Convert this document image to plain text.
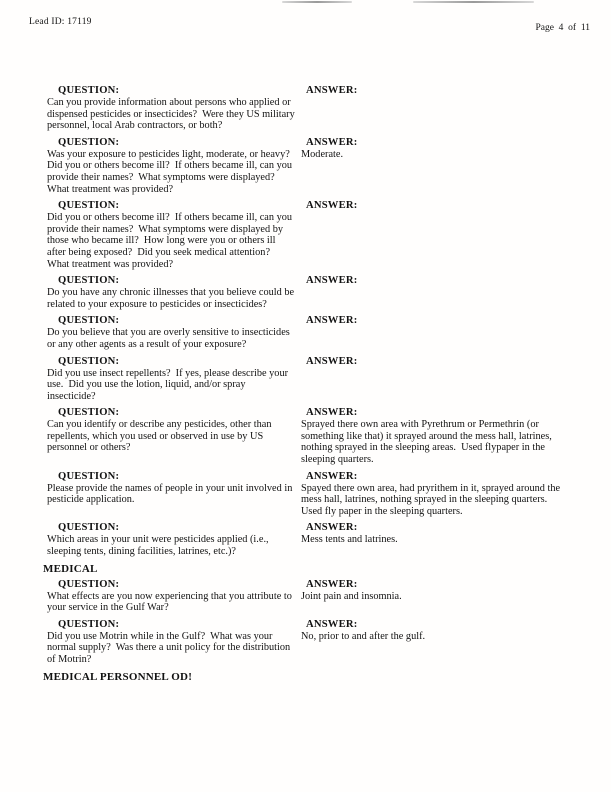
Lead ID: 17119
Page  4  of  11
QUESTION:
Can you provide information about persons who applied or dispensed pesticides or insecticides?  Were they US military personnel, local Arab contractors, or both?
ANSWER:
QUESTION:
Was your exposure to pesticides light, moderate, or heavy?  Did you or others become ill?  If others became ill, can you provide their names?  What symptoms were displayed?  What treatment was provided?
ANSWER:
Moderate.
QUESTION:
Did you or others become ill?  If others became ill, can you provide their names?  What symptoms were displayed by those who became ill?  How long were you or others ill after being exposed?  Did you seek medical attention?  What treatment was provided?
ANSWER:
QUESTION:
Do you have any chronic illnesses that you believe could be related to your exposure to pesticides or insecticides?
ANSWER:
QUESTION:
Do you believe that you are overly sensitive to insecticides or any other agents as a result of your exposure?
ANSWER:
QUESTION:
Did you use insect repellents?  If yes, please describe your use.  Did you use the lotion, liquid, and/or spray insecticide?
ANSWER:
QUESTION:
Can you identify or describe any pesticides, other than repellents, which you used or observed in use by US personnel or others?
ANSWER:
Sprayed there own area with Pyrethrum or Permethrin (or something like that) it sprayed around the mess hall, latrines, nothing sprayed in the sleeping areas.  Used flypaper in the sleeping quarters.
QUESTION:
Please provide the names of people in your unit involved in pesticide application.
ANSWER:
Spayed there own area, had pryrithem in it, sprayed around the mess hall, latrines, nothing sprayed in the sleeping quarters.  Used fly paper in the sleeping quarters.
QUESTION:
Which areas in your unit were pesticides applied (i.e., sleeping tents, dining facilities, latrines, etc.)?
ANSWER:
Mess tents and latrines.
MEDICAL
QUESTION:
What effects are you now experiencing that you attribute to your service in the Gulf War?
ANSWER:
Joint pain and insomnia.
QUESTION:
Did you use Motrin while in the Gulf?  What was your normal supply?  Was there a unit policy for the distribution of Motrin?
ANSWER:
No, prior to and after the gulf.
MEDICAL PERSONNEL OD!
